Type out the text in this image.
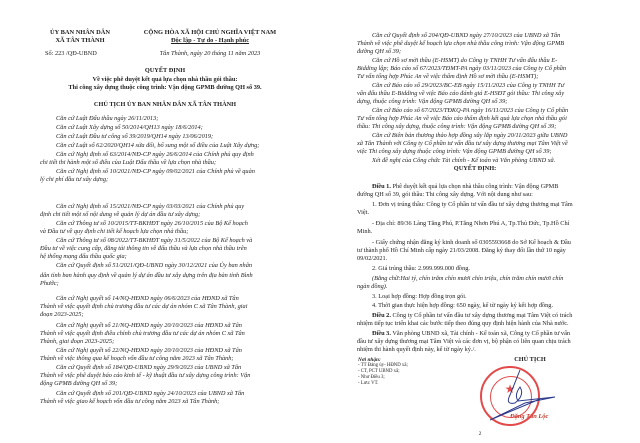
ỦY BAN NHÂN DÂN
XÃ TÂN THÀNH
Số: 223 /QĐ-UBND
CỘNG HÒA XÃ HỘI CHỦ NGHĨA VIỆT NAM
Độc lập - Tự do - Hạnh phúc
Tân Thành, ngày 20 tháng 11 năm 2023
QUYẾT ĐỊNH
Về việc phê duyệt kết quả lựa chọn nhà thầu gói thầu:
Thi công xây dựng thuộc công trình: Vận động GPMB đường QH số 39.
CHỦ TỊCH ỦY BAN NHÂN DÂN XÃ TÂN THÀNH
Căn cứ Luật Đấu thầu ngày 26/11/2013;
Căn cứ Luật Xây dựng số 50/2014/QH13 ngày 18/6/2014;
Căn cứ Luật Đầu tư công số 39/2019/QH14 ngày 13/06/2019;
Căn cứ Luật số 62/2020/QH14 sửa đổi, bổ sung một số điều của Luật Xây dựng;
Căn cứ Nghị định số 63/2014/NĐ-CP ngày 26/6/2014 của Chính phủ quy định
chi tiết thi hành một số điều của Luật Đấu thầu về lựa chọn nhà thầu;
Căn cứ Nghị định số 10/2021/NĐ-CP ngày 09/02/2021 của Chính phủ về quản
lý chi phí đầu tư xây dựng;
Căn cứ Nghị định số 15/2021/NĐ-CP ngày 03/03/2021 của Chính phủ quy
định chi tiết một số nội dung về quản lý dự án đầu tư xây dựng;
Căn cứ Thông tư số 10/2015/TT-BKHĐT ngày 26/10/2015 của Bộ Kế hoạch
và Đầu tư về quy định chi tiết kế hoạch lựa chọn nhà thầu;
Căn cứ Thông tư số 08/2022/TT-BKHĐT ngày 31/5/2022 của Bộ Kế hoạch và
Đầu tư về việc cung cấp, đăng tải thông tin về đấu thầu và lựa chọn nhà thầu trên
hệ thống mạng đấu thầu quốc gia;
Căn cứ Quyết định số 51/2021/QĐ-UBND ngày 30/12/2021 của Ủy ban nhân
dân tỉnh ban hành quy định về quản lý dự án đầu tư xây dựng trên địa bàn tỉnh Bình
Phước;
Căn cứ Nghị quyết số 14/NQ-HĐND ngày 06/6/2023 của HĐND xã Tân
Thành về việc quyết định chủ trương đầu tư các dự án nhóm C xã Tân Thành, giai
đoạn 2023-2025;
Căn cứ Nghị quyết số 21/NQ-HĐND ngày 20/10/2023 của HĐND xã Tân
Thành về việc quyết định điều chỉnh chủ trương đầu tư các dự án nhóm C xã Tân
Thành, giai đoạn 2023-2025;
Căn cứ Nghị quyết số 22/NQ-HĐND ngày 20/10/2023 của HĐND xã Tân
Thành về việc thông qua kế hoạch vốn đầu tư công năm 2023 xã Tân Thành;
Căn cứ Quyết định số 184/QĐ-UBND ngày 29/9/2023 của UBND xã Tân
Thành về việc phê duyệt báo cáo kinh tế - kỹ thuật đầu tư xây dựng công trình: Vận
động GPMB đường QH số 39;
Căn cứ Quyết định số 201/QĐ-UBND ngày 24/10/2023 của UBND xã Tân
Thành về việc giao kế hoạch vốn đầu tư công năm 2023 xã Tân Thành;
Căn cứ Quyết định số 204/QĐ-UBND ngày 27/10/2023 của UBND xã Tân
Thành về việc phê duyệt kế hoạch lựa chọn nhà thầu công trình: Vận động GPMB
đường QH số 39;
Căn cứ Hồ sơ mời thầu (E-HSMT) do Công ty TNHH Tư vấn đấu thầu E-
Bidding lập; Báo cáo số 67/2023/TĐMT-PA ngày 03/11/2023 của Công ty Cổ phần
Tư vấn tổng hợp Phúc An về việc thẩm định Hồ sơ mời thầu (E-HSMT);
Căn cứ Báo cáo số 29/2023/BC-EB ngày 15/11/2023 của Công ty TNHH Tư
vấn đấu thầu E-Bidding về việc Báo cáo đánh giá E-HSĐT gói thầu: Thi công xây
dựng, thuộc công trình: Vận động GPMB đường QH số 39;
Căn cứ Báo cáo số 67/2023/TĐKQ-PA ngày 16/11/2023 của Công ty Cổ phần
Tư vấn tổng hợp Phúc An về việc Báo cáo thẩm định kết quả lựa chọn nhà thầu gói
thầu: Thi công xây dựng, thuộc công trình: Vận động GPMB đường QH số 39;
Căn cứ Biên bản thương thảo hợp đồng xây lắp ngày 20/11/2023 giữa UBND
xã Tân Thành với Công ty Cổ phần tư vấn đầu tư xây dựng thương mại Tâm Việt về
việc Thi công xây dựng thuộc công trình: Vận động GPMB đường QH số 39;
Xét đề nghị của Công chức Tài chính - Kế toán và Văn phòng UBND xã.
QUYẾT ĐỊNH:
Điều 1. Phê duyệt kết quả lựa chọn nhà thầu công trình: Vận động GPMB
đường QH số 39, gói thầu: Thi công xây dựng. Với nội dung như sau:
1. Đơn vị trúng thầu: Công ty Cổ phần tư vấn đầu tư xây dựng thương mại Tâm
Việt.
- Địa chỉ: 89/36 Làng Tăng Phú, P.Tăng Nhơn Phú A, Tp.Thủ Đức, Tp.Hồ Chí
Minh.
- Giấy chứng nhận đăng ký kinh doanh số 0305593668 do Sở Kế hoạch & Đầu
tư thành phố Hồ Chí Minh cấp ngày 21/03/2008. Đăng ký thay đổi lần thứ 10 ngày
09/02/2021.
2. Giá trúng thầu: 2.999.999.000 đồng.
(Bằng chữ:Hai tỷ, chín trăm chín mươi chín triệu, chín trăm chín mươi chín
ngàn đồng).
3. Loại hợp đồng: Hợp đồng trọn gói.
4. Thời gian thực hiện hợp đồng: 650 ngày, kể từ ngày ký kết hợp đồng.
Điều 2. Công ty Cổ phần tư vấn đầu tư xây dựng thương mại Tâm Việt có trách
nhiệm tiếp tục triển khai các bước tiếp theo đúng quy định hiện hành của Nhà nước.
Điều 3. Văn phòng UBND xã, Tài chính - Kế toán xã, Công ty Cổ phần tư vấn
đầu tư xây dựng thương mại Tâm Việt và các đơn vị, bộ phận có liên quan chịu trách
nhiệm thi hành quyết định này, kể từ ngày ký./.
Nơi nhận:
- TT Đảng ủy- HĐND xã;
- CT, PCT UBND xã;
- Như Điều 3;
- Lưu: VT.
CHỦ TỊCH
Đặng Tấn Lộc
2
★
